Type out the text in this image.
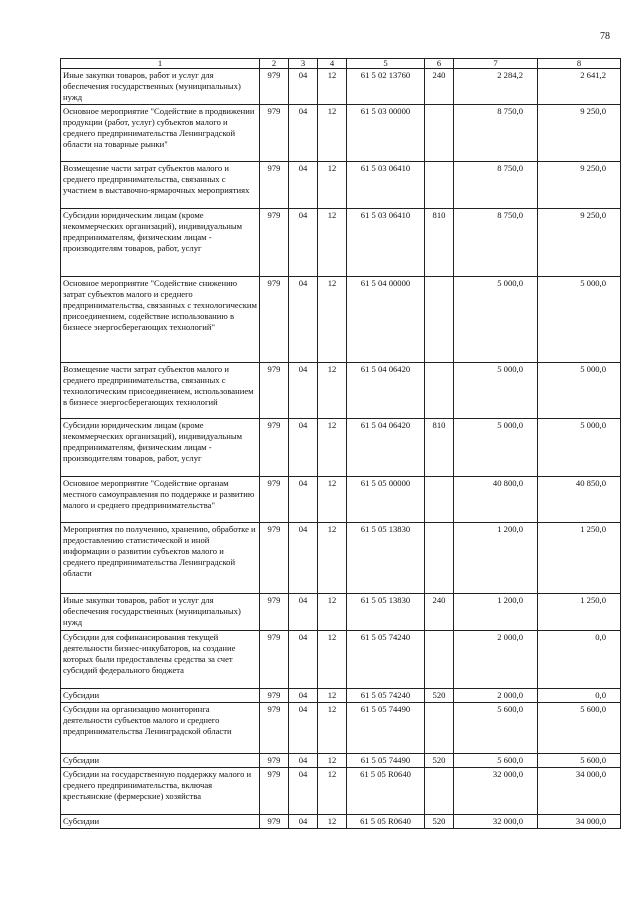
78
1	2	3	4	5	6	7	8
Иные закупки товаров, работ и услуг для обеспечения государственных (муниципальных) нужд	979	04	12	61 5 02 13760	240	2 284,2	2 641,2
Основное мероприятие "Содействие в продвижении продукции (работ, услуг) субъектов малого и среднего предпринимательства Ленинградской области на товарные рынки"	979	04	12	61 5 03 00000		8 750,0	9 250,0
Возмещение части затрат субъектов малого и среднего предпринимательства, связанных с участием в выставочно-ярмарочных мероприятиях	979	04	12	61 5 03 06410		8 750,0	9 250,0
Субсидии юридическим лицам (кроме некоммерческих организаций), индивидуальным предпринимателям, физическим лицам - производителям товаров, работ, услуг	979	04	12	61 5 03 06410	810	8 750,0	9 250,0
Основное мероприятие "Содействие снижению затрат субъектов малого и среднего предпринимательства, связанных с технологическим присоединением, содействие использованию в бизнесе энергосберегающих технологий"	979	04	12	61 5 04 00000		5 000,0	5 000,0
Возмещение части затрат субъектов малого и среднего предпринимательства, связанных с технологическим присоединением, использованием в бизнесе энергосберегающих технологий	979	04	12	61 5 04 06420		5 000,0	5 000,0
Субсидии юридическим лицам (кроме некоммерческих организаций), индивидуальным предпринимателям, физическим лицам - производителям товаров, работ, услуг	979	04	12	61 5 04 06420	810	5 000,0	5 000,0
Основное мероприятие "Содействие органам местного самоуправления по поддержке и развитию малого и среднего предпринимательства"	979	04	12	61 5 05 00000		40 800,0	40 850,0
Мероприятия по получению, хранению, обработке и предоставлению статистической и иной информации о развитии субъектов малого и среднего предпринимательства Ленинградской области	979	04	12	61 5 05 13830		1 200,0	1 250,0
Иные закупки товаров, работ и услуг для обеспечения государственных (муниципальных) нужд	979	04	12	61 5 05 13830	240	1 200,0	1 250,0
Субсидии для софинансирования текущей деятельности бизнес-инкубаторов, на создание которых были предоставлены средства за счет субсидий федерального бюджета	979	04	12	61 5 05 74240		2 000,0	0,0
Субсидии	979	04	12	61 5 05 74240	520	2 000,0	0,0
Субсидии на организацию мониторинга деятельности субъектов малого и среднего предпринимательства Ленинградской области	979	04	12	61 5 05 74490		5 600,0	5 600,0
Субсидии	979	04	12	61 5 05 74490	520	5 600,0	5 600,0
Субсидии на государственную поддержку малого и среднего предпринимательства, включая крестьянские (фермерские) хозяйства	979	04	12	61 5 05 R0640		32 000,0	34 000,0
Субсидии	979	04	12	61 5 05 R0640	520	32 000,0	34 000,0
